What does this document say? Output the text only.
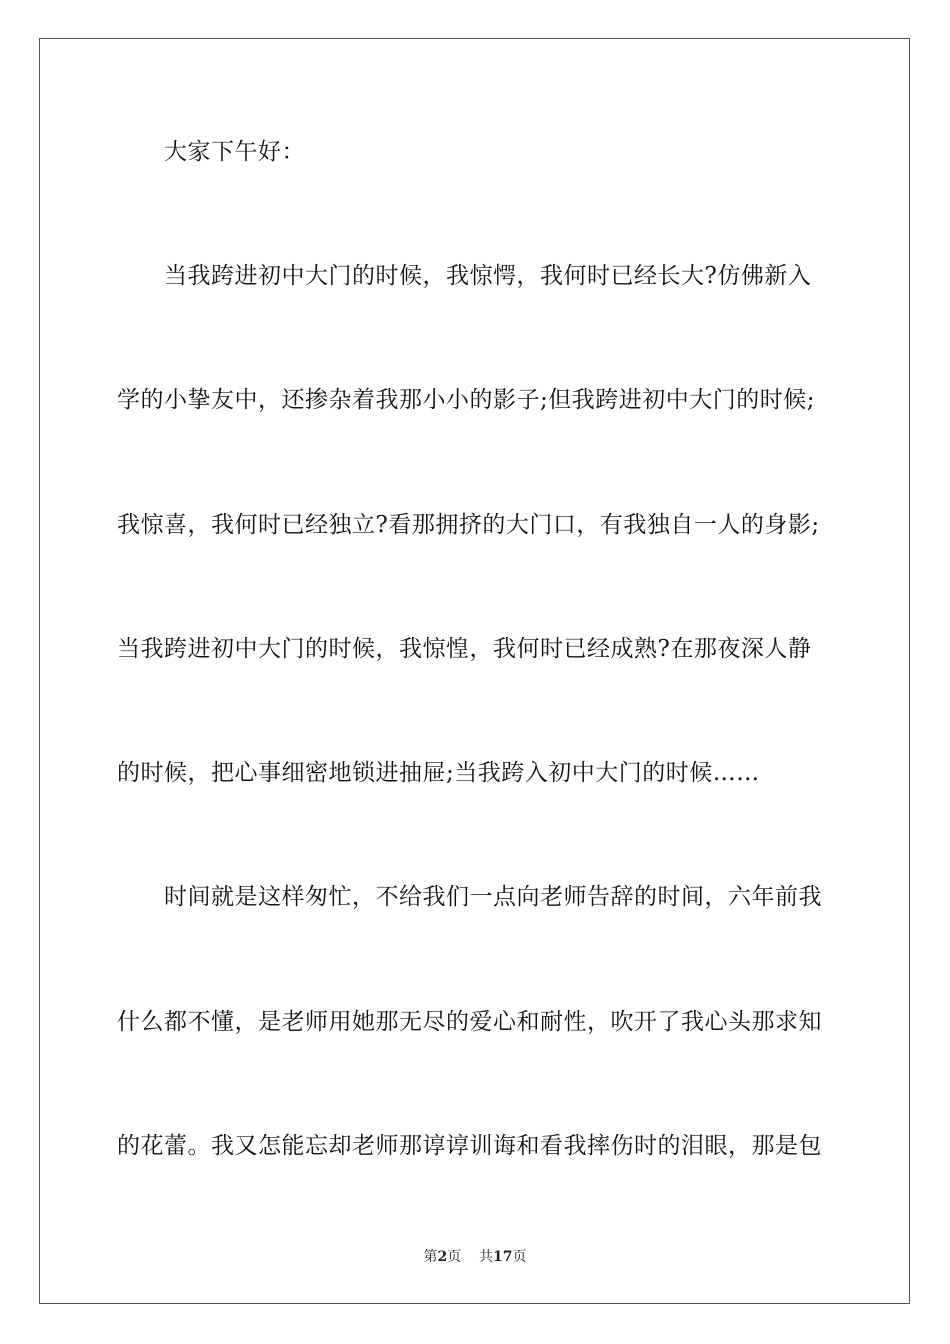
大家下午好：
当我跨进初中大门的时候，我惊愕，我何时已经长大?仿佛新入
学的小挚友中，还掺杂着我那小小的影子;但我跨进初中大门的时候;
我惊喜，我何时已经独立?看那拥挤的大门口，有我独自一人的身影;
当我跨进初中大门的时候，我惊惶，我何时已经成熟?在那夜深人静
的时候，把心事细密地锁进抽屉;当我跨入初中大门的时候……
时间就是这样匆忙，不给我们一点向老师告辞的时间，六年前我
什么都不懂，是老师用她那无尽的爱心和耐性，吹开了我心头那求知
的花蕾。我又怎能忘却老师那谆谆训诲和看我摔伤时的泪眼，那是包
第2页 共17页
